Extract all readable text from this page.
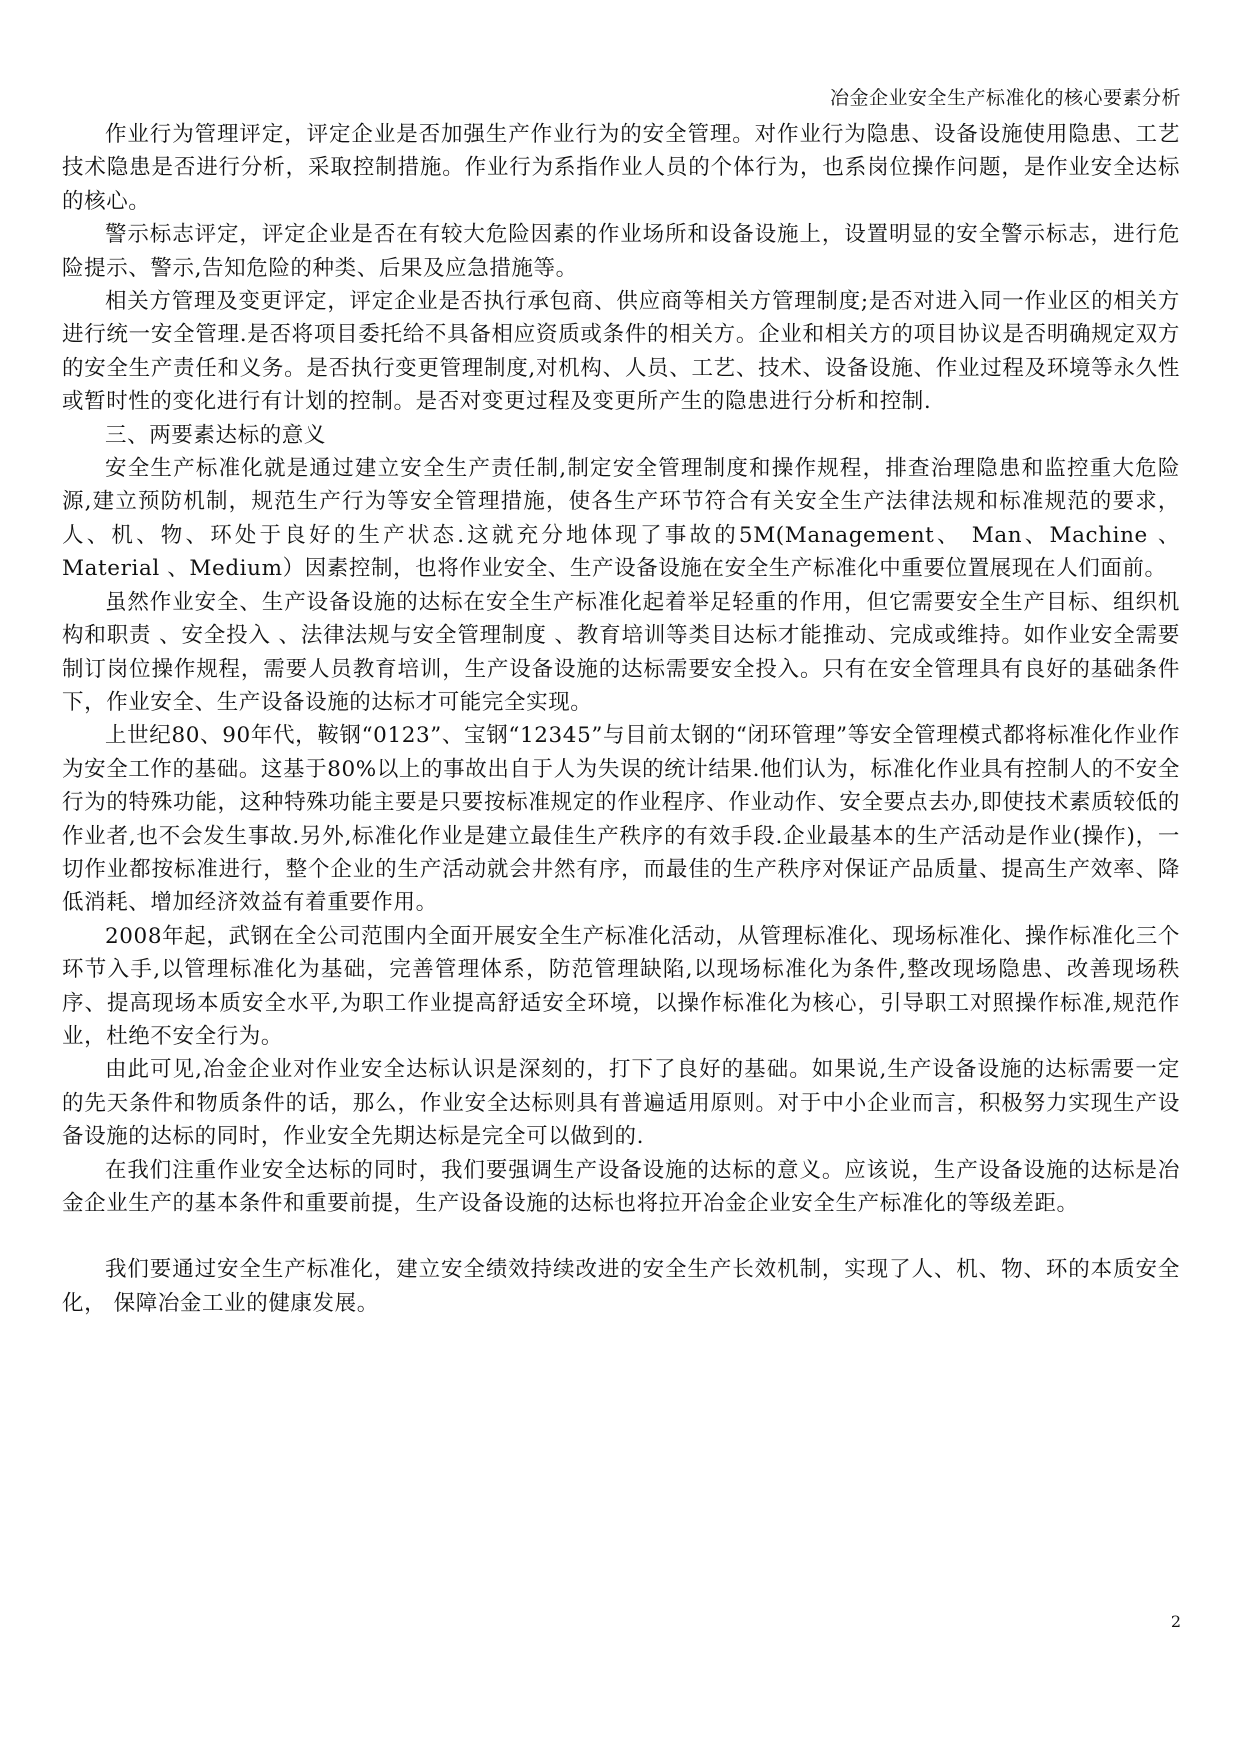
冶金企业安全生产标准化的核心要素分析

作业行为管理评定，评定企业是否加强生产作业行为的安全管理。对作业行为隐患、设备设施使用隐患、工艺技术隐患是否进行分析，采取控制措施。作业行为系指作业人员的个体行为，也系岗位操作问题，是作业安全达标的核心。

警示标志评定，评定企业是否在有较大危险因素的作业场所和设备设施上，设置明显的安全警示标志，进行危险提示、警示,告知危险的种类、后果及应急措施等。

相关方管理及变更评定，评定企业是否执行承包商、供应商等相关方管理制度;是否对进入同一作业区的相关方进行统一安全管理.是否将项目委托给不具备相应资质或条件的相关方。企业和相关方的项目协议是否明确规定双方的安全生产责任和义务。是否执行变更管理制度,对机构、人员、工艺、技术、设备设施、作业过程及环境等永久性或暂时性的变化进行有计划的控制。是否对变更过程及变更所产生的隐患进行分析和控制.

三、两要素达标的意义

安全生产标准化就是通过建立安全生产责任制,制定安全管理制度和操作规程，排查治理隐患和监控重大危险源,建立预防机制，规范生产行为等安全管理措施，使各生产环节符合有关安全生产法律法规和标准规范的要求，人、机、物、环处于良好的生产状态.这就充分地体现了事故的5M(Management、 Man、Machine 、Material 、Medium）因素控制，也将作业安全、生产设备设施在安全生产标准化中重要位置展现在人们面前。

虽然作业安全、生产设备设施的达标在安全生产标准化起着举足轻重的作用，但它需要安全生产目标、组织机构和职责 、安全投入 、法律法规与安全管理制度 、教育培训等类目达标才能推动、完成或维持。如作业安全需要制订岗位操作规程，需要人员教育培训，生产设备设施的达标需要安全投入。只有在安全管理具有良好的基础条件下，作业安全、生产设备设施的达标才可能完全实现。

上世纪80、90年代，鞍钢“0123”、宝钢“12345”与目前太钢的“闭环管理”等安全管理模式都将标准化作业作为安全工作的基础。这基于80%以上的事故出自于人为失误的统计结果.他们认为，标准化作业具有控制人的不安全行为的特殊功能，这种特殊功能主要是只要按标准规定的作业程序、作业动作、安全要点去办,即使技术素质较低的作业者,也不会发生事故.另外,标准化作业是建立最佳生产秩序的有效手段.企业最基本的生产活动是作业(操作)，一切作业都按标准进行，整个企业的生产活动就会井然有序，而最佳的生产秩序对保证产品质量、提高生产效率、降低消耗、增加经济效益有着重要作用。

2008年起，武钢在全公司范围内全面开展安全生产标准化活动，从管理标准化、现场标准化、操作标准化三个环节入手,以管理标准化为基础，完善管理体系，防范管理缺陷,以现场标准化为条件,整改现场隐患、改善现场秩序、提高现场本质安全水平,为职工作业提高舒适安全环境，以操作标准化为核心，引导职工对照操作标准,规范作业，杜绝不安全行为。

由此可见,冶金企业对作业安全达标认识是深刻的，打下了良好的基础。如果说,生产设备设施的达标需要一定的先天条件和物质条件的话，那么，作业安全达标则具有普遍适用原则。对于中小企业而言，积极努力实现生产设备设施的达标的同时，作业安全先期达标是完全可以做到的.

在我们注重作业安全达标的同时，我们要强调生产设备设施的达标的意义。应该说，生产设备设施的达标是冶金企业生产的基本条件和重要前提，生产设备设施的达标也将拉开冶金企业安全生产标准化的等级差距。

我们要通过安全生产标准化，建立安全绩效持续改进的安全生产长效机制，实现了人、机、物、环的本质安全化， 保障冶金工业的健康发展。

2
